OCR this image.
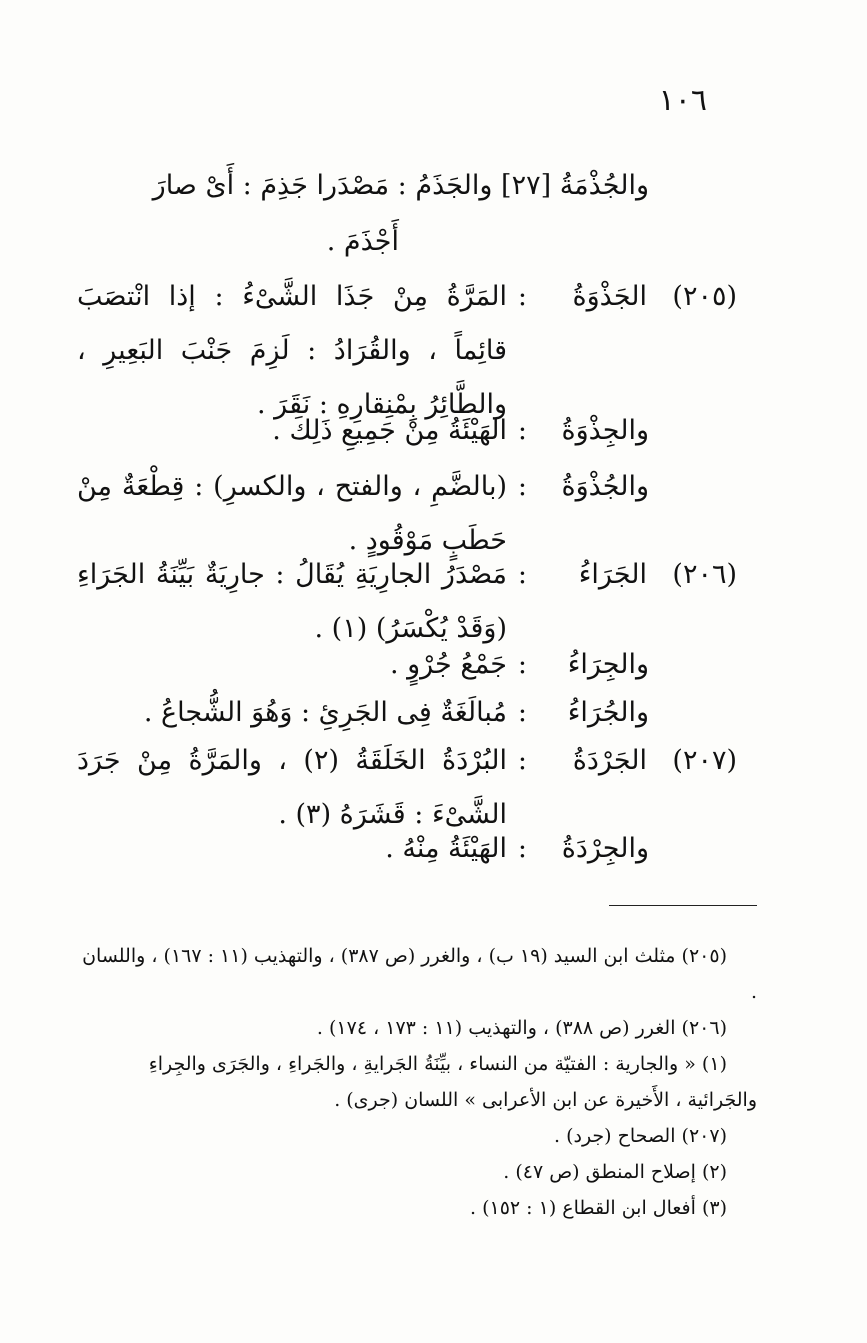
١٠٦
والجُذْمَةُ [٢٧] والجَذَمُ : مَصْدَرا جَذِمَ : أَىْ صارَ
أَجْذَمَ .
(٢٠٥)
الجَذْوَةُ
:
المَرَّةُ مِنْ جَذَا الشَّىْءُ : إذا انْتصَبَ قائِماً ، والقُرَادُ : لَزِمَ جَنْبَ البَعِيرِ ، والطَّائِرُ بِمْنِقارِهِ : نَقَرَ .
والجِذْوَةُ
:
الهَيْئَةُ مِنْ جَمِيعِ ذَلِكَ .
والجُذْوَةُ
:
(بالضَّمِ ، والفتح ، والكسرِ) : قِطْعَةٌ مِنْ حَطَبٍ مَوْقُودٍ .
(٢٠٦)
الجَرَاءُ
:
مَصْدَرُ الجارِيَةِ يُقَالُ : جارِيَةٌ بَيِّنَةُ الجَرَاءِ (وَقَدْ يُكْسَرُ) (١) .
والجِرَاءُ
:
جَمْعُ جُرْوٍ .
والجُرَاءُ
:
مُبالَغَةٌ فِى الجَرِئِ : وَهُوَ الشُّجاعُ .
(٢٠٧)
الجَرْدَةُ
:
البُرْدَةُ الخَلَقَةُ (٢) ، والمَرَّةُ مِنْ جَرَدَ الشَّىْءَ : قَشَرَهُ (٣) .
والجِرْدَةُ
:
الهَيْئَةُ مِنْهُ .
(٢٠٥) مثلث ابن السيد (١٩ ب) ، والغرر (ص ٣٨٧) ، والتهذيب (١١ : ١٦٧) ، واللسان .
(٢٠٦) الغرر (ص ٣٨٨) ، والتهذيب (١١ : ١٧٣ ، ١٧٤) .
(١) « والجارية : الفتيّة من النساء ، بيِّنَةُ الجَرايةِ ، والجَراءِ ، والجَرَى والجِراءِ والجَرائية ، الأَخيرة عن ابن الأعرابى » اللسان (جرى) .
(٢٠٧) الصحاح (جرد) .
(٢) إصلاح المنطق (ص ٤٧) .
(٣) أفعال ابن القطاع (١ : ١٥٢) .
